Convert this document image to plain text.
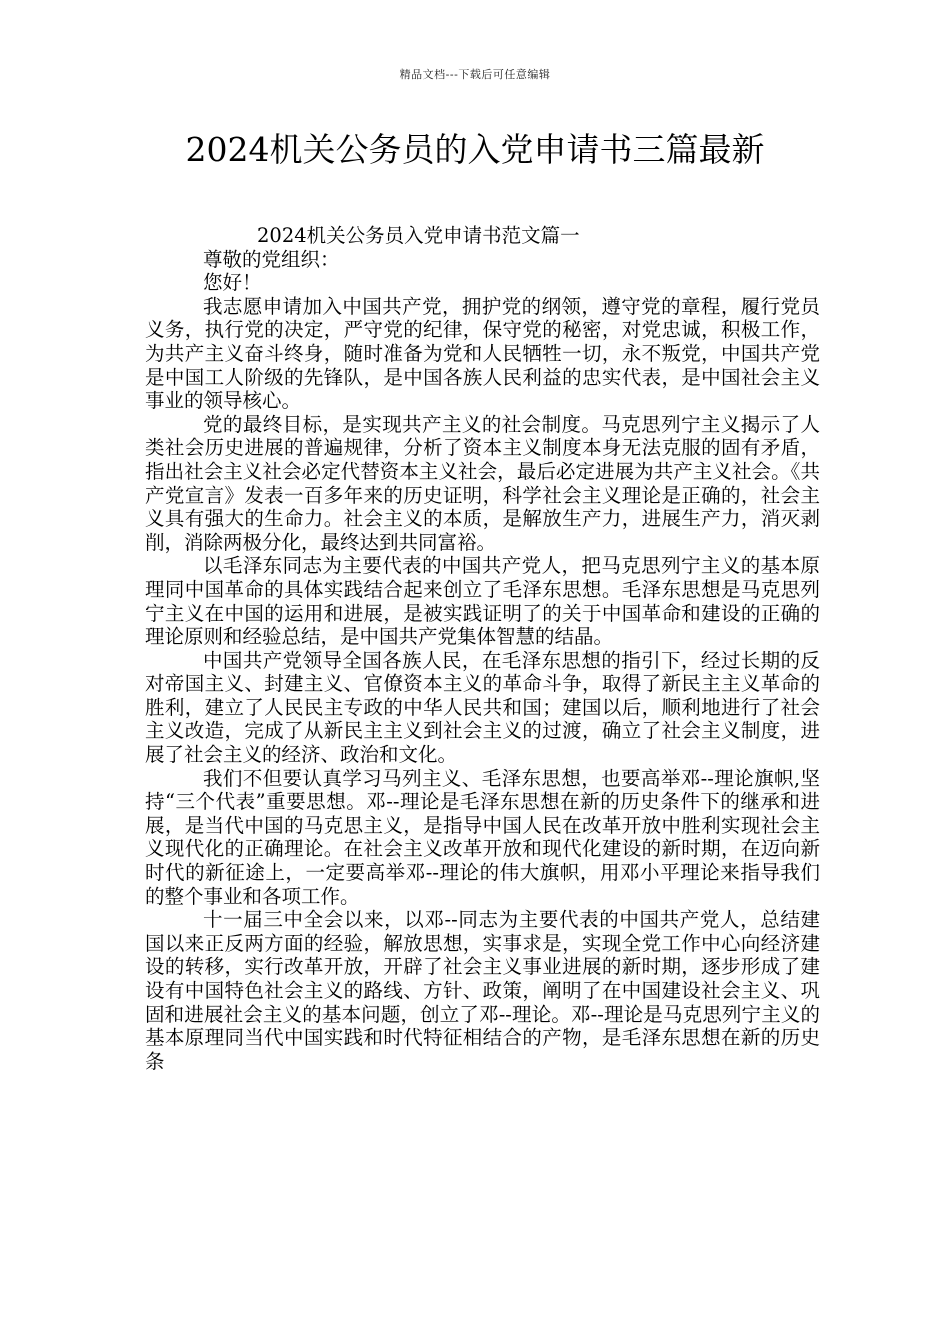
精品文档---下载后可任意编辑
2024机关公务员的入党申请书三篇最新

2024机关公务员入党申请书范文篇一

尊敬的党组织：

您好！

我志愿申请加入中国共产党，拥护党的纲领，遵守党的章程，履行党员义务，执行党的决定，严守党的纪律，保守党的秘密，对党忠诚，积极工作，为共产主义奋斗终身，随时准备为党和人民牺牲一切，永不叛党，中国共产党是中国工人阶级的先锋队，是中国各族人民利益的忠实代表，是中国社会主义事业的领导核心。

党的最终目标，是实现共产主义的社会制度。马克思列宁主义揭示了人类社会历史进展的普遍规律，分析了资本主义制度本身无法克服的固有矛盾，指出社会主义社会必定代替资本主义社会，最后必定进展为共产主义社会。《共产党宣言》发表一百多年来的历史证明，科学社会主义理论是正确的，社会主义具有强大的生命力。社会主义的本质，是解放生产力，进展生产力，消灭剥削，消除两极分化，最终达到共同富裕。

以毛泽东同志为主要代表的中国共产党人，把马克思列宁主义的基本原理同中国革命的具体实践结合起来创立了毛泽东思想。毛泽东思想是马克思列宁主义在中国的运用和进展，是被实践证明了的关于中国革命和建设的正确的理论原则和经验总结，是中国共产党集体智慧的结晶。

中国共产党领导全国各族人民，在毛泽东思想的指引下，经过长期的反对帝国主义、封建主义、官僚资本主义的革命斗争，取得了新民主主义革命的胜利，建立了人民民主专政的中华人民共和国；建国以后，顺利地进行了社会主义改造，完成了从新民主主义到社会主义的过渡，确立了社会主义制度，进展了社会主义的经济、政治和文化。

我们不但要认真学习马列主义、毛泽东思想，也要高举邓--理论旗帜,坚持“三个代表”重要思想。邓--理论是毛泽东思想在新的历史条件下的继承和进展，是当代中国的马克思主义，是指导中国人民在改革开放中胜利实现社会主义现代化的正确理论。在社会主义改革开放和现代化建设的新时期，在迈向新时代的新征途上，一定要高举邓--理论的伟大旗帜，用邓小平理论来指导我们的整个事业和各项工作。

十一届三中全会以来，以邓--同志为主要代表的中国共产党人，总结建国以来正反两方面的经验，解放思想，实事求是，实现全党工作中心向经济建设的转移，实行改革开放，开辟了社会主义事业进展的新时期，逐步形成了建设有中国特色社会主义的路线、方针、政策，阐明了在中国建设社会主义、巩固和进展社会主义的基本问题，创立了邓--理论。邓--理论是马克思列宁主义的基本原理同当代中国实践和时代特征相结合的产物，是毛泽东思想在新的历史条
